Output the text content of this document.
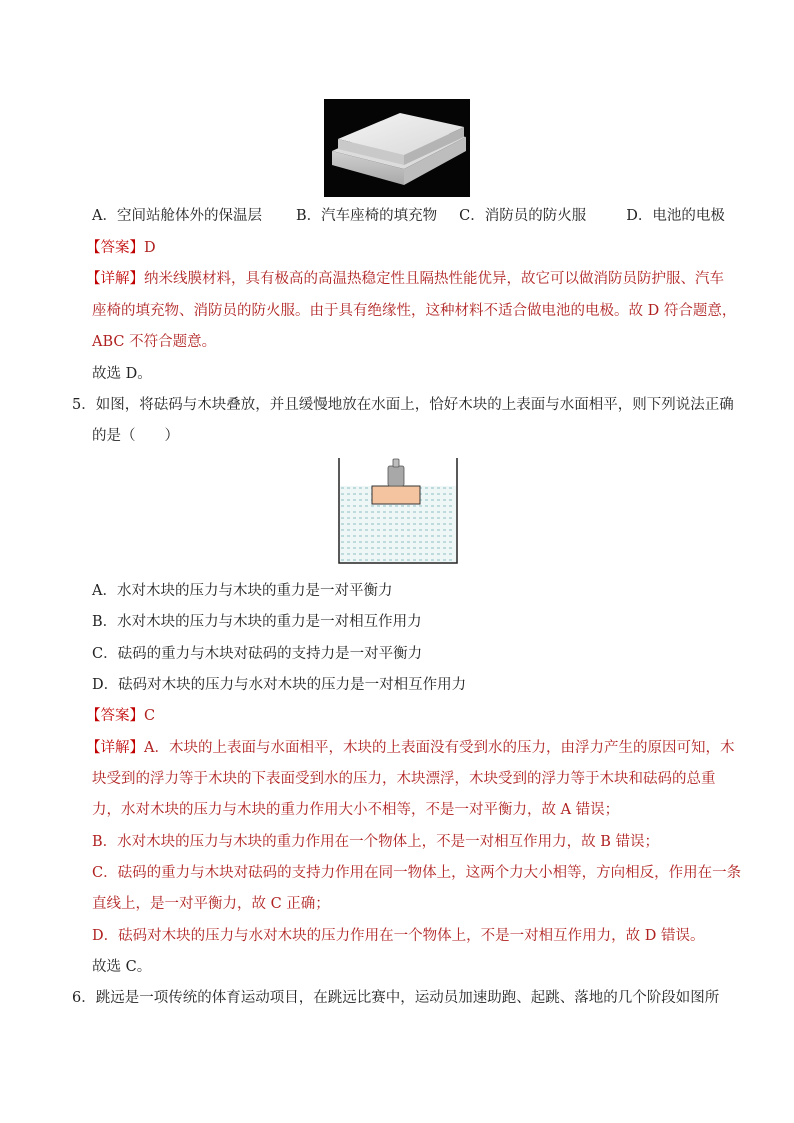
A．空间站舱体外的保温层 B．汽车座椅的填充物 C．消防员的防火服	D．电池的电极
【答案】D
【详解】纳米线膜材料，具有极高的高温热稳定性且隔热性能优异，故它可以做消防员防护服、汽车
座椅的填充物、消防员的防火服。由于具有绝缘性，这种材料不适合做电池的电极。故 D 符合题意，
ABC 不符合题意。
故选 D。
5．如图，将砝码与木块叠放，并且缓慢地放在水面上，恰好木块的上表面与水面相平，则下列说法正确
的是（　　）
A．水对木块的压力与木块的重力是一对平衡力
B．水对木块的压力与木块的重力是一对相互作用力
C．砝码的重力与木块对砝码的支持力是一对平衡力
D．砝码对木块的压力与水对木块的压力是一对相互作用力
【答案】C
【详解】A．木块的上表面与水面相平，木块的上表面没有受到水的压力，由浮力产生的原因可知，木
块受到的浮力等于木块的下表面受到水的压力，木块漂浮，木块受到的浮力等于木块和砝码的总重
力，水对木块的压力与木块的重力作用大小不相等，不是一对平衡力，故 A 错误；
B．水对木块的压力与木块的重力作用在一个物体上，不是一对相互作用力，故 B 错误；
C．砝码的重力与木块对砝码的支持力作用在同一物体上，这两个力大小相等，方向相反，作用在一条
直线上，是一对平衡力，故 C 正确；
D．砝码对木块的压力与水对木块的压力作用在一个物体上，不是一对相互作用力，故 D 错误。
故选 C。
6．跳远是一项传统的体育运动项目，在跳远比赛中，运动员加速助跑、起跳、落地的几个阶段如图所
